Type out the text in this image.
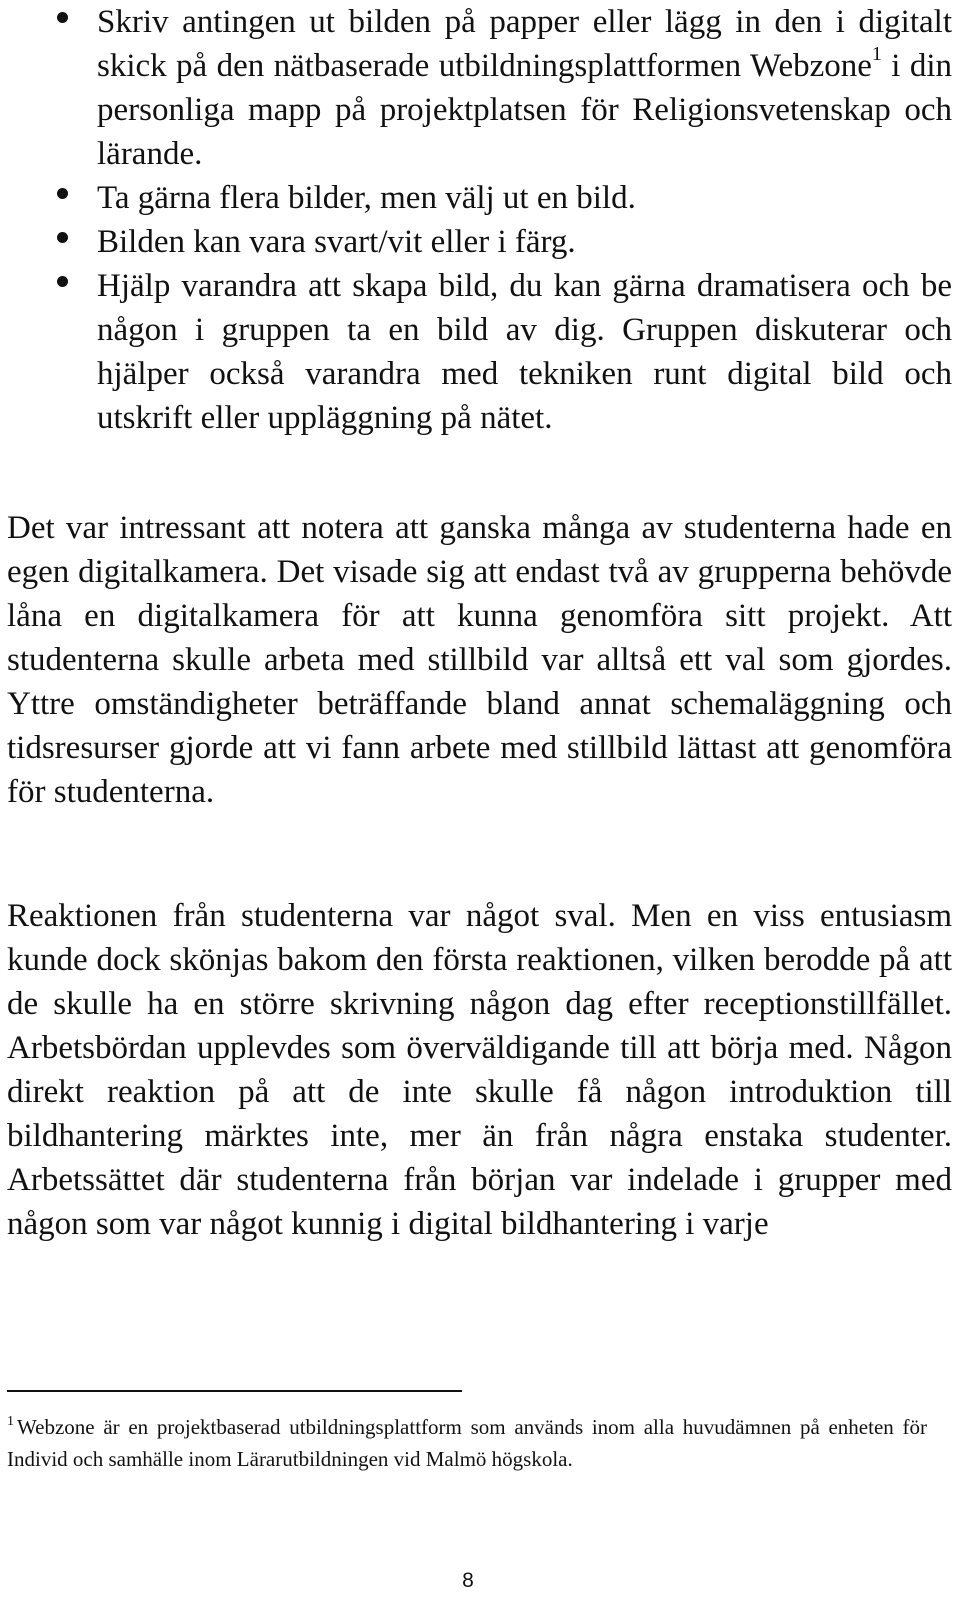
Skriv antingen ut bilden på papper eller lägg in den i digitalt skick på den nätbaserade utbildningsplattformen Webzone$^1$ i din personliga mapp på projektplatsen för Religionsvetenskap och lärande.
Ta gärna flera bilder, men välj ut en bild.
Bilden kan vara svart/vit eller i färg.
Hjälp varandra att skapa bild, du kan gärna dramatisera och be någon i gruppen ta en bild av dig. Gruppen diskuterar och hjälper också varandra med tekniken runt digital bild och utskrift eller uppläggning på nätet.

Det var intressant att notera att ganska många av studenterna hade en egen digitalkamera. Det visade sig att endast två av grupperna behövde låna en digitalkamera för att kunna genomföra sitt projekt. Att studenterna skulle arbeta med stillbild var alltså ett val som gjordes. Yttre omständigheter beträffande bland annat schemaläggning och tidsresurser gjorde att vi fann arbete med stillbild lättast att genomföra för studenterna.

Reaktionen från studenterna var något sval. Men en viss entusiasm kunde dock skönjas bakom den första reaktionen, vilken berodde på att de skulle ha en större skrivning någon dag efter receptionstillfället. Arbetsbördan upplevdes som överväldigande till att börja med. Någon direkt reaktion på att de inte skulle få någon introduktion till bildhantering märktes inte, mer än från några enstaka studenter. Arbetssättet där studenterna från början var indelade i grupper med någon som var något kunnig i digital bildhantering i varje

$^1$ Webzone är en projektbaserad utbildningsplattform som används inom alla huvudämnen på enheten för Individ och samhälle inom Lärarutbildningen vid Malmö högskola.

8
